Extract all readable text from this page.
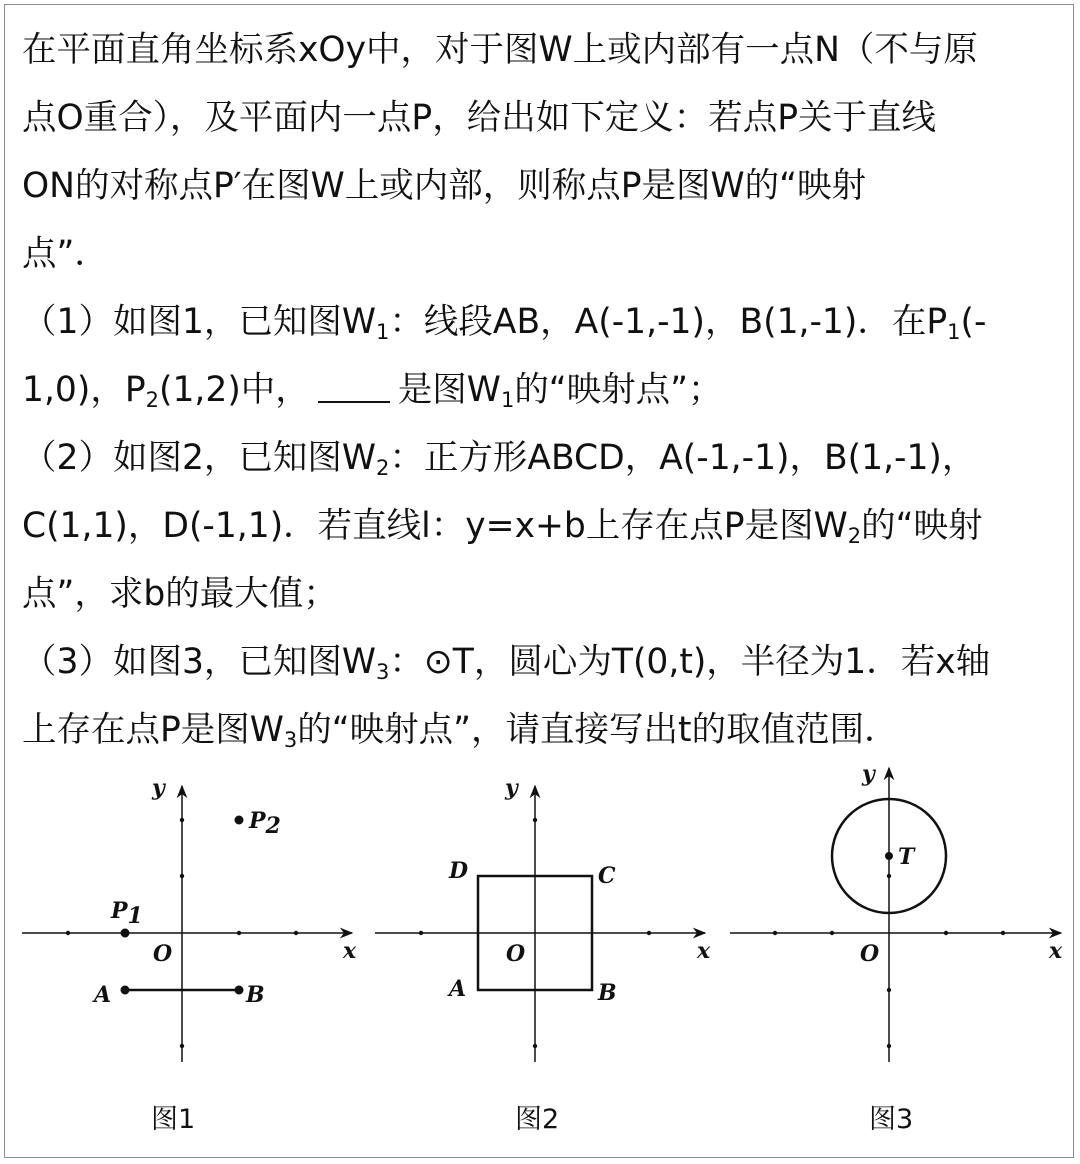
在平面直角坐标系xOy中，对于图W上或内部有一点N（不与原
点O重合），及平面内一点P，给出如下定义：若点P关于直线
ON的对称点P′在图W上或内部，则称点P是图W的“映射
点”．
（1）如图1，已知图$W_1$：线段AB，A(-1,-1)，B(1,-1)．在$P_1(-$
1,0)，$P_2(1,2)$中，	是图$W_1$的“映射点”；
（2）如图2，已知图$W_2$：正方形ABCD，A(-1,-1)，B(1,-1)，
C(1,1)，D(-1,1)．若直线l：y=x+b上存在点P是图$W_2$的“映射
点”，求b的最大值；
（3）如图3，已知图$W_3$：⊙T，圆心为T(0,t)，半径为1．若x轴
上存在点P是图$W_3$的“映射点”，请直接写出t的取值范围．
y
x
O
P1
P2
A	B
图1
y
x
O
D	C
A	B
图2
y
x
O
T
图3
